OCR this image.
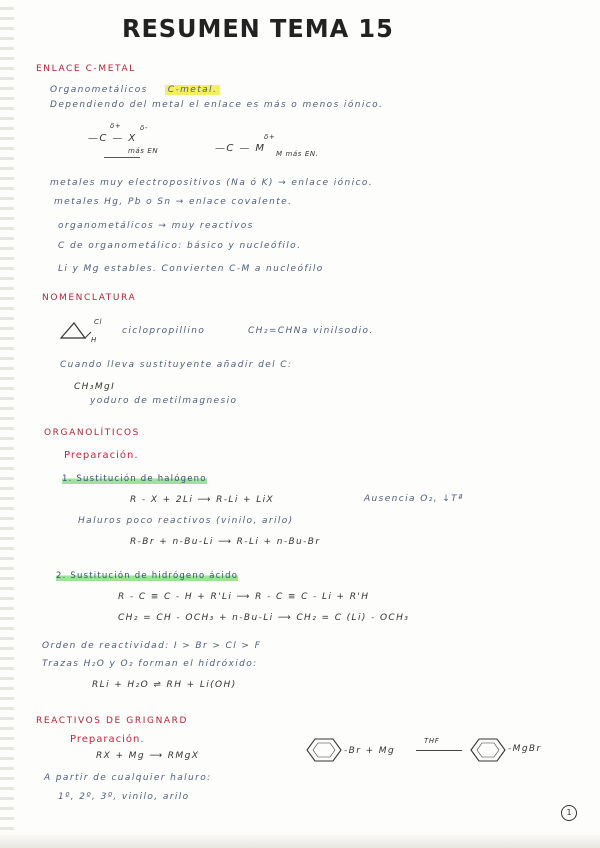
RESUMEN TEMA 15
ENLACE C-METAL
Organometálicos C-metal.
Dependiendo del metal el enlace es más o menos iónico.
—C — X
δ+	δ-
más EN	—C — M
δ+
M más EN.
metales muy electropositivos (Na ó K) → enlace iónico.
metales Hg, Pb o Sn → enlace covalente.
organometálicos → muy reactivos
C de organometálico: básico y nucleófilo.
Li y Mg estables. Convierten C-M a nucleófilo
NOMENCLATURA
Cl
H
ciclopropillino	CH₂=CHNa vinilsodio.
Cuando lleva sustituyente añadir del C:
CH₃MgI
yoduro de metilmagnesio
ORGANOLÍTICOS
Preparación.
1. Sustitución de halógeno
R - X + 2Li ⟶ R-Li + LiX	Ausencia O₂, ↓Tª
Haluros poco reactivos (vinilo, arilo)
R-Br + n-Bu-Li ⟶ R-Li + n-Bu-Br
2. Sustitución de hidrógeno ácido
R - C ≡ C - H + R'Li ⟶ R - C ≡ C - Li + R'H
CH₂ = CH - OCH₃ + n-Bu-Li ⟶ CH₂ = C (Li) - OCH₃
Orden de reactividad: I > Br > Cl > F
Trazas H₂O y O₂ forman el hidróxido:
RLi + H₂O ⇌ RH + Li(OH)
REACTIVOS DE GRIGNARD
Preparación.
RX + Mg ⟶ RMgX	-Br + Mg
THF
-MgBr
A partir de cualquier haluro:
1º, 2º, 3º, vinilo, arilo
1
